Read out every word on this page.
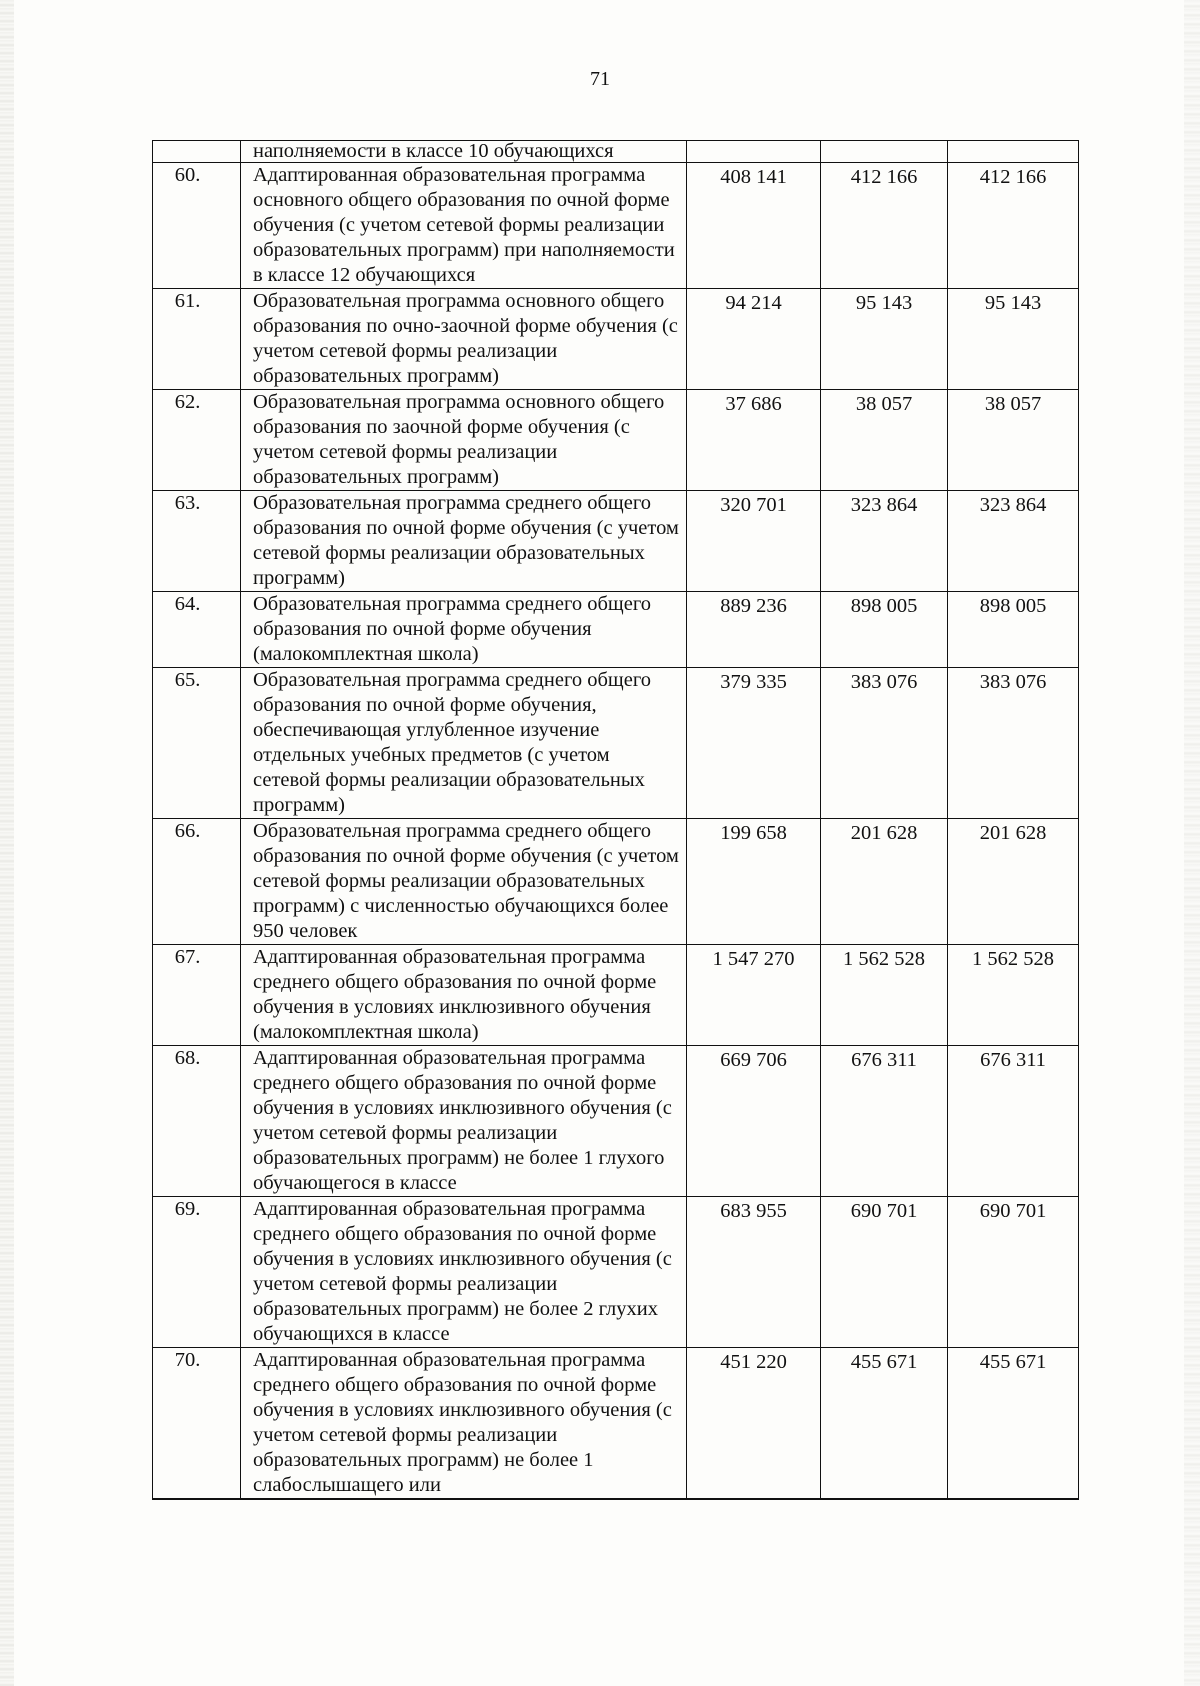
71
	наполняемости в классе 10 обучающихся			
60.	Адаптированная образовательная программа основного общего образования по очной форме обучения (с учетом сетевой формы реализации образовательных программ) при наполняемости в классе 12 обучающихся	408 141	412 166	412 166
61.	Образовательная программа основного общего образования по очно-заочной форме обучения (с учетом сетевой формы реализации образовательных программ)	94 214	95 143	95 143
62.	Образовательная программа основного общего образования по заочной форме обучения (с учетом сетевой формы реализации образовательных программ)	37 686	38 057	38 057
63.	Образовательная программа среднего общего образования по очной форме обучения (с учетом сетевой формы реализации образовательных программ)	320 701	323 864	323 864
64.	Образовательная программа среднего общего образования по очной форме обучения (малокомплектная школа)	889 236	898 005	898 005
65.	Образовательная программа среднего общего образования по очной форме обучения, обеспечивающая углубленное изучение отдельных учебных предметов (с учетом сетевой формы реализации образовательных программ)	379 335	383 076	383 076
66.	Образовательная программа среднего общего образования по очной форме обучения (с учетом сетевой формы реализации образовательных программ) с численностью обучающихся более 950 человек	199 658	201 628	201 628
67.	Адаптированная образовательная программа среднего общего образования по очной форме обучения в условиях инклюзивного обучения (малокомплектная школа)	1 547 270	1 562 528	1 562 528
68.	Адаптированная образовательная программа среднего общего образования по очной форме обучения в условиях инклюзивного обучения (с учетом сетевой формы реализации образовательных программ) не более 1 глухого обучающегося в классе	669 706	676 311	676 311
69.	Адаптированная образовательная программа среднего общего образования по очной форме обучения в условиях инклюзивного обучения (с учетом сетевой формы реализации образовательных программ) не более 2 глухих обучающихся в классе	683 955	690 701	690 701
70.	Адаптированная образовательная программа среднего общего образования по очной форме обучения в условиях инклюзивного обучения (с учетом сетевой формы реализации образовательных программ) не более 1 слабослышащего или	451 220	455 671	455 671
